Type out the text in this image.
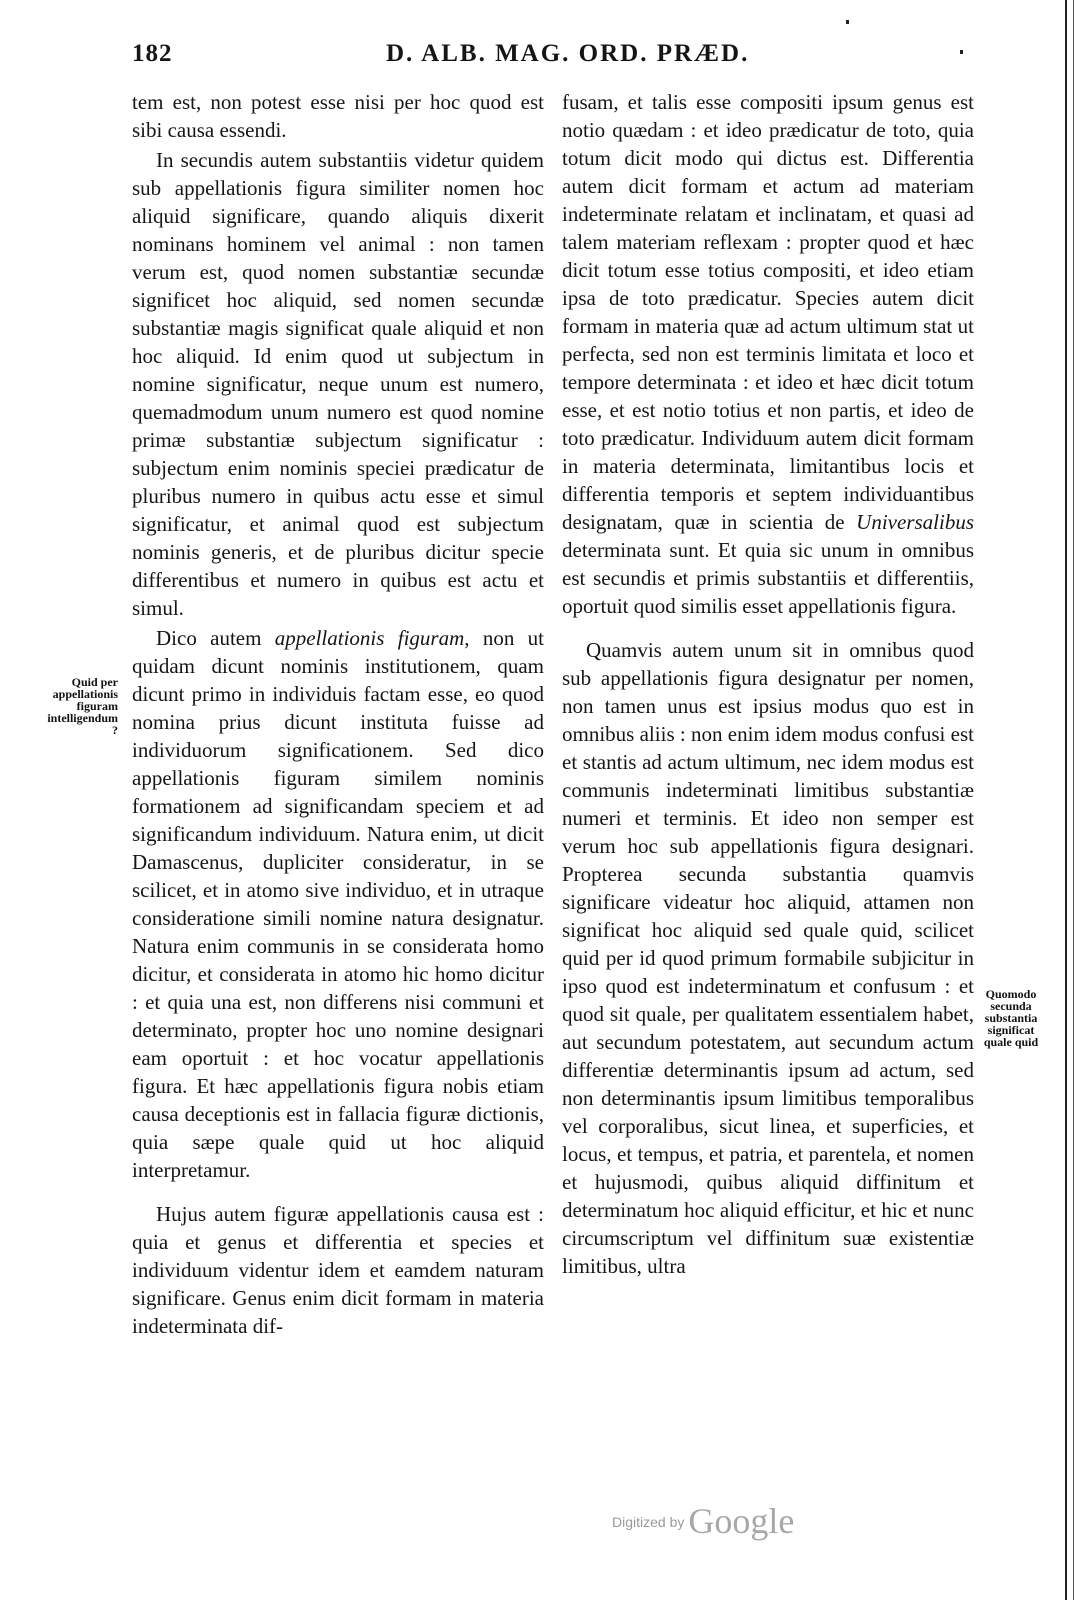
182	D. ALB. MAG. ORD. PRÆD.

tem est, non potest esse nisi per hoc quod est sibi causa essendi.

In secundis autem substantiis videtur quidem sub appellationis figura similiter nomen hoc aliquid significare, quando aliquis dixerit nominans hominem vel animal : non tamen verum est, quod nomen substantiæ secundæ significet hoc aliquid, sed nomen secundæ substantiæ magis significat quale aliquid et non hoc aliquid. Id enim quod ut subjectum in nomine significatur, neque unum est numero, quemadmodum unum numero est quod nomine primæ substantiæ subjectum significatur : subjectum enim nominis speciei prædicatur de pluribus numero in quibus actu esse et simul significatur, et animal quod est subjectum nominis generis, et de pluribus dicitur specie differentibus et numero in quibus est actu et simul.

Dico autem appellationis figuram, non ut quidam dicunt nominis institutionem, quam dicunt primo in individuis factam esse, eo quod nomina prius dicunt instituta fuisse ad individuorum significationem. Sed dico appellationis figuram similem nominis formationem ad significandam speciem et ad significandum individuum. Natura enim, ut dicit Damascenus, dupliciter consideratur, in se scilicet, et in atomo sive individuo, et in utraque consideratione simili nomine natura designatur. Natura enim communis in se considerata homo dicitur, et considerata in atomo hic homo dicitur : et quia una est, non differens nisi communi et determinato, propter hoc uno nomine designari eam oportuit : et hoc vocatur appellationis figura. Et hæc appellationis figura nobis etiam causa deceptionis est in fallacia figuræ dictionis, quia sæpe quale quid ut hoc aliquid interpretamur.

Hujus autem figuræ appellationis causa est : quia et genus et differentia et species et individuum videntur idem et eamdem naturam significare. Genus enim dicit formam in materia indeterminata dif-

Quid per appellationis figuram intelligendum ?

fusam, et talis esse compositi ipsum genus est notio quædam : et ideo prædicatur de toto, quia totum dicit modo qui dictus est. Differentia autem dicit formam et actum ad materiam indeterminate relatam et inclinatam, et quasi ad talem materiam reflexam : propter quod et hæc dicit totum esse totius compositi, et ideo etiam ipsa de toto prædicatur. Species autem dicit formam in materia quæ ad actum ultimum stat ut perfecta, sed non est terminis limitata et loco et tempore determinata : et ideo et hæc dicit totum esse, et est notio totius et non partis, et ideo de toto prædicatur. Individuum autem dicit formam in materia determinata, limitantibus locis et differentia temporis et septem individuantibus designatam, quæ in scientia de Universalibus determinata sunt. Et quia sic unum in omnibus est secundis et primis substantiis et differentiis, oportuit quod similis esset appellationis figura.

Quamvis autem unum sit in omnibus quod sub appellationis figura designatur per nomen, non tamen unus est ipsius modus quo est in omnibus aliis : non enim idem modus confusi est et stantis ad actum ultimum, nec idem modus est communis indeterminati limitibus substantiæ numeri et terminis. Et ideo non semper est verum hoc sub appellationis figura designari. Propterea secunda substantia quamvis significare videatur hoc aliquid, attamen non significat hoc aliquid sed quale quid, scilicet quid per id quod primum formabile subjicitur in ipso quod est indeterminatum et confusum : et quod sit quale, per qualitatem essentialem habet, aut secundum potestatem, aut secundum actum differentiæ determinantis ipsum ad actum, sed non determinantis ipsum limitibus temporalibus vel corporalibus, sicut linea, et superficies, et locus, et tempus, et patria, et parentela, et nomen et hujusmodi, quibus aliquid diffinitum et determinatum hoc aliquid efficitur, et hic et nunc circumscriptum vel diffinitum suæ existentiæ limitibus, ultra

Quomodo secunda substantia significat quale quid
Digitized by Google
